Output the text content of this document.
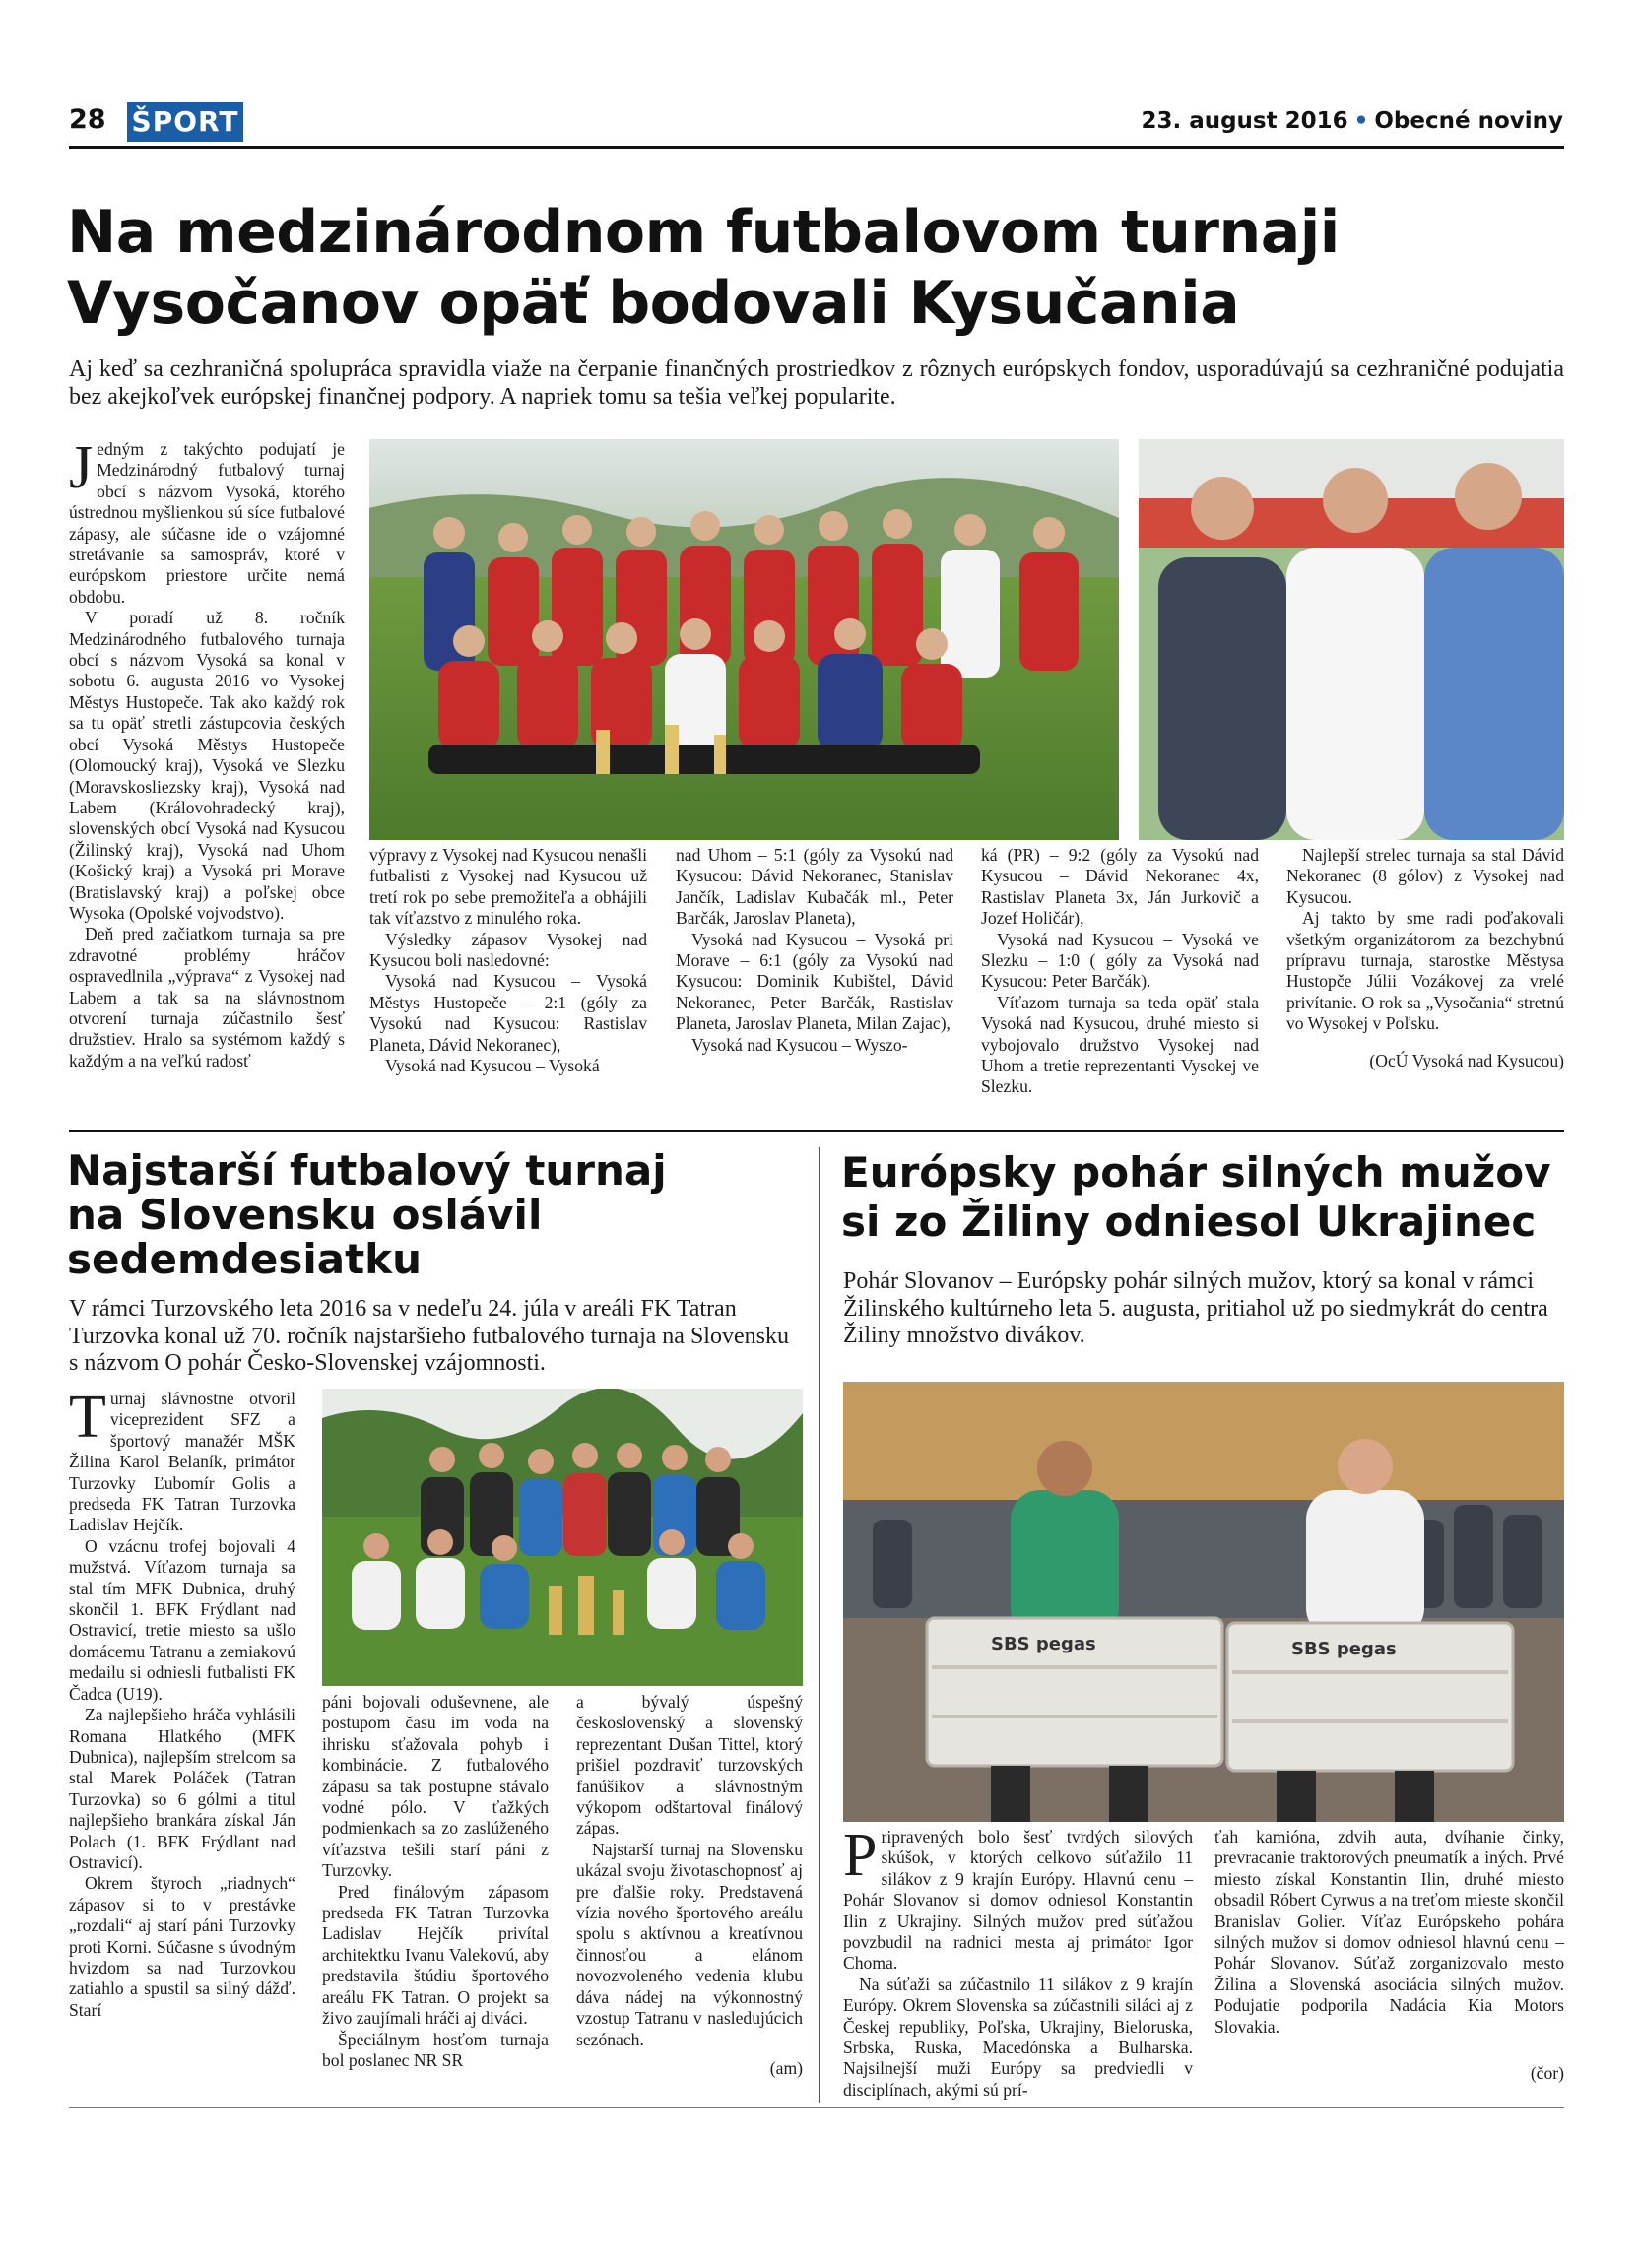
28 ŠPORT	23. august 2016 • Obecné noviny
Na medzinárodnom futbalovom turnaji
Vysočanov opäť bodovali Kysučania
Aj keď sa cezhraničná spolupráca spravidla viaže na čerpanie finančných prostriedkov z rôznych európskych fondov, usporadúvajú sa cezhraničné podujatia bez akejkoľvek európskej finančnej podpory. A napriek tomu sa tešia veľkej popularite.

Jedným z takýchto podujatí je Medzinárodný futbalový turnaj obcí s názvom Vysoká, ktorého ústrednou myšlienkou sú síce futbalové zápasy, ale súčasne ide o vzájomné stretávanie sa samospráv, ktoré v európskom priestore určite nemá obdobu.

V poradí už 8. ročník Medzinárodného futbalového turnaja obcí s názvom Vysoká sa konal v sobotu 6. augusta 2016 vo Vysokej Městys Hustopeče. Tak ako každý rok sa tu opäť stretli zástupcovia českých obcí Vysoká Městys Hustopeče (Olomoucký kraj), Vysoká ve Slezku (Moravskosliezsky kraj), Vysoká nad Labem (Královohradecký kraj), slovenských obcí Vysoká nad Kysucou (Žilinský kraj), Vysoká nad Uhom (Košický kraj) a Vysoká pri Morave (Bratislavský kraj) a poľskej obce Wysoka (Opolské vojvodstvo).

Deň pred začiatkom turnaja sa pre zdravotné problémy hráčov ospravedlnila „výprava“ z Vysokej nad Labem a tak sa na slávnostnom otvorení turnaja zúčastnilo šesť družstiev. Hralo sa systémom každý s každým a na veľkú radosť

výpravy z Vysokej nad Kysucou nenašli futbalisti z Vysokej nad Kysucou už tretí rok po sebe premožiteľa a obhájili tak víťazstvo z minulého roka.

Výsledky zápasov Vysokej nad Kysucou boli nasledovné:

Vysoká nad Kysucou – Vysoká Městys Hustopeče – 2:1 (góly za Vysokú nad Kysucou: Rastislav Planeta, Dávid Nekoranec),

Vysoká nad Kysucou – Vysoká

nad Uhom – 5:1 (góly za Vysokú nad Kysucou: Dávid Nekoranec, Stanislav Jančík, Ladislav Kubačák ml., Peter Barčák, Jaroslav Planeta),

Vysoká nad Kysucou – Vysoká pri Morave – 6:1 (góly za Vysokú nad Kysucou: Dominik Kubištel, Dávid Nekoranec, Peter Barčák, Rastislav Planeta, Jaroslav Planeta, Milan Zajac),

Vysoká nad Kysucou – Wyszo-

ká (PR) – 9:2 (góly za Vysokú nad Kysucou – Dávid Nekoranec 4x, Rastislav Planeta 3x, Ján Jurkovič a Jozef Holičár),

Vysoká nad Kysucou – Vysoká ve Slezku – 1:0 ( góly za Vysoká nad Kysucou: Peter Barčák).

Víťazom turnaja sa teda opäť stala Vysoká nad Kysucou, druhé miesto si vybojovalo družstvo Vysokej nad Uhom a tretie reprezentanti Vysokej ve Slezku.

Najlepší strelec turnaja sa stal Dávid Nekoranec (8 gólov) z Vysokej nad Kysucou.

Aj takto by sme radi poďakovali všetkým organizátorom za bezchybnú prípravu turnaja, starostke Městysa Hustopče Júlii Vozákovej za vrelé privítanie. O rok sa „Vysočania“ stretnú vo Wysokej v Poľsku.

(OcÚ Vysoká nad Kysucou)

Najstarší futbalový turnaj
na Slovensku oslávil
sedemdesiatku
V rámci Turzovského leta 2016 sa v nedeľu 24. júla v areáli FK Tatran Turzovka konal už 70. ročník najstaršieho futbalového turnaja na Slovensku s názvom O pohár Česko-Slovenskej vzájomnosti.

Turnaj slávnostne otvoril viceprezident SFZ a športový manažér MŠK Žilina Karol Belaník, primátor Turzovky Ľubomír Golis a predseda FK Tatran Turzovka Ladislav Hejčík.

O vzácnu trofej bojovali 4 mužstvá. Víťazom turnaja sa stal tím MFK Dubnica, druhý skončil 1. BFK Frýdlant nad Ostravicí, tretie miesto sa ušlo domácemu Tatranu a zemiakovú medailu si odniesli futbalisti FK Čadca (U19).

Za najlepšieho hráča vyhlásili Romana Hlatkého (MFK Dubnica), najlepším strelcom sa stal Marek Poláček (Tatran Turzovka) so 6 gólmi a titul najlepšieho brankára získal Ján Polach (1. BFK Frýdlant nad Ostravicí).

Okrem štyroch „riadnych“ zápasov si to v prestávke „rozdali“ aj starí páni Turzovky proti Korni. Súčasne s úvodným hvizdom sa nad Turzovkou zatiahlo a spustil sa silný dážď. Starí

páni bojovali oduševnene, ale postupom času im voda na ihrisku sťažovala pohyb i kombinácie. Z futbalového zápasu sa tak postupne stávalo vodné pólo. V ťažkých podmienkach sa zo zaslúženého víťazstva tešili starí páni z Turzovky.

Pred finálovým zápasom predseda FK Tatran Turzovka Ladislav Hejčík privítal architektku Ivanu Valekovú, aby predstavila štúdiu športového areálu FK Tatran. O projekt sa živo zaujímali hráči aj diváci.

Špeciálnym hosťom turnaja bol poslanec NR SR

a bývalý úspešný československý a slovenský reprezentant Dušan Tittel, ktorý prišiel pozdraviť turzovských fanúšikov a slávnostným výkopom odštartoval finálový zápas.

Najstarší turnaj na Slovensku ukázal svoju životaschopnosť aj pre ďalšie roky. Predstavená vízia nového športového areálu spolu s aktívnou a kreatívnou činnosťou a elánom novozvoleného vedenia klubu dáva nádej na výkonnostný vzostup Tatranu v nasledujúcich sezónach.

(am)

Európsky pohár silných mužov
si zo Žiliny odniesol Ukrajinec
Pohár Slovanov – Európsky pohár silných mužov, ktorý sa konal v rámci Žilinského kultúrneho leta 5. augusta, pritiahol už po siedmykrát do centra Žiliny množstvo divákov.
SBS pegas	SBS pegas

Pripravených bolo šesť tvrdých silových skúšok, v ktorých celkovo súťažilo 11 silákov z 9 krajín Európy. Hlavnú cenu – Pohár Slovanov si domov odniesol Konstantin Ilin z Ukrajiny. Silných mužov pred súťažou povzbudil na radnici mesta aj primátor Igor Choma.

Na súťaži sa zúčastnilo 11 silákov z 9 krajín Európy. Okrem Slovenska sa zúčastnili siláci aj z Českej republiky, Poľska, Ukrajiny, Bieloruska, Srbska, Ruska, Macedónska a Bulharska. Najsilnejší muži Európy sa predviedli v disciplínach, akými sú prí-

ťah kamióna, zdvih auta, dvíhanie činky, prevracanie traktorových pneumatík a iných. Prvé miesto získal Konstantin Ilin, druhé miesto obsadil Róbert Cyrwus a na treťom mieste skončil Branislav Golier. Víťaz Európskeho pohára silných mužov si domov odniesol hlavnú cenu – Pohár Slovanov. Súťaž zorganizovalo mesto Žilina a Slovenská asociácia silných mužov. Podujatie podporila Nadácia Kia Motors Slovakia.

(čor)
